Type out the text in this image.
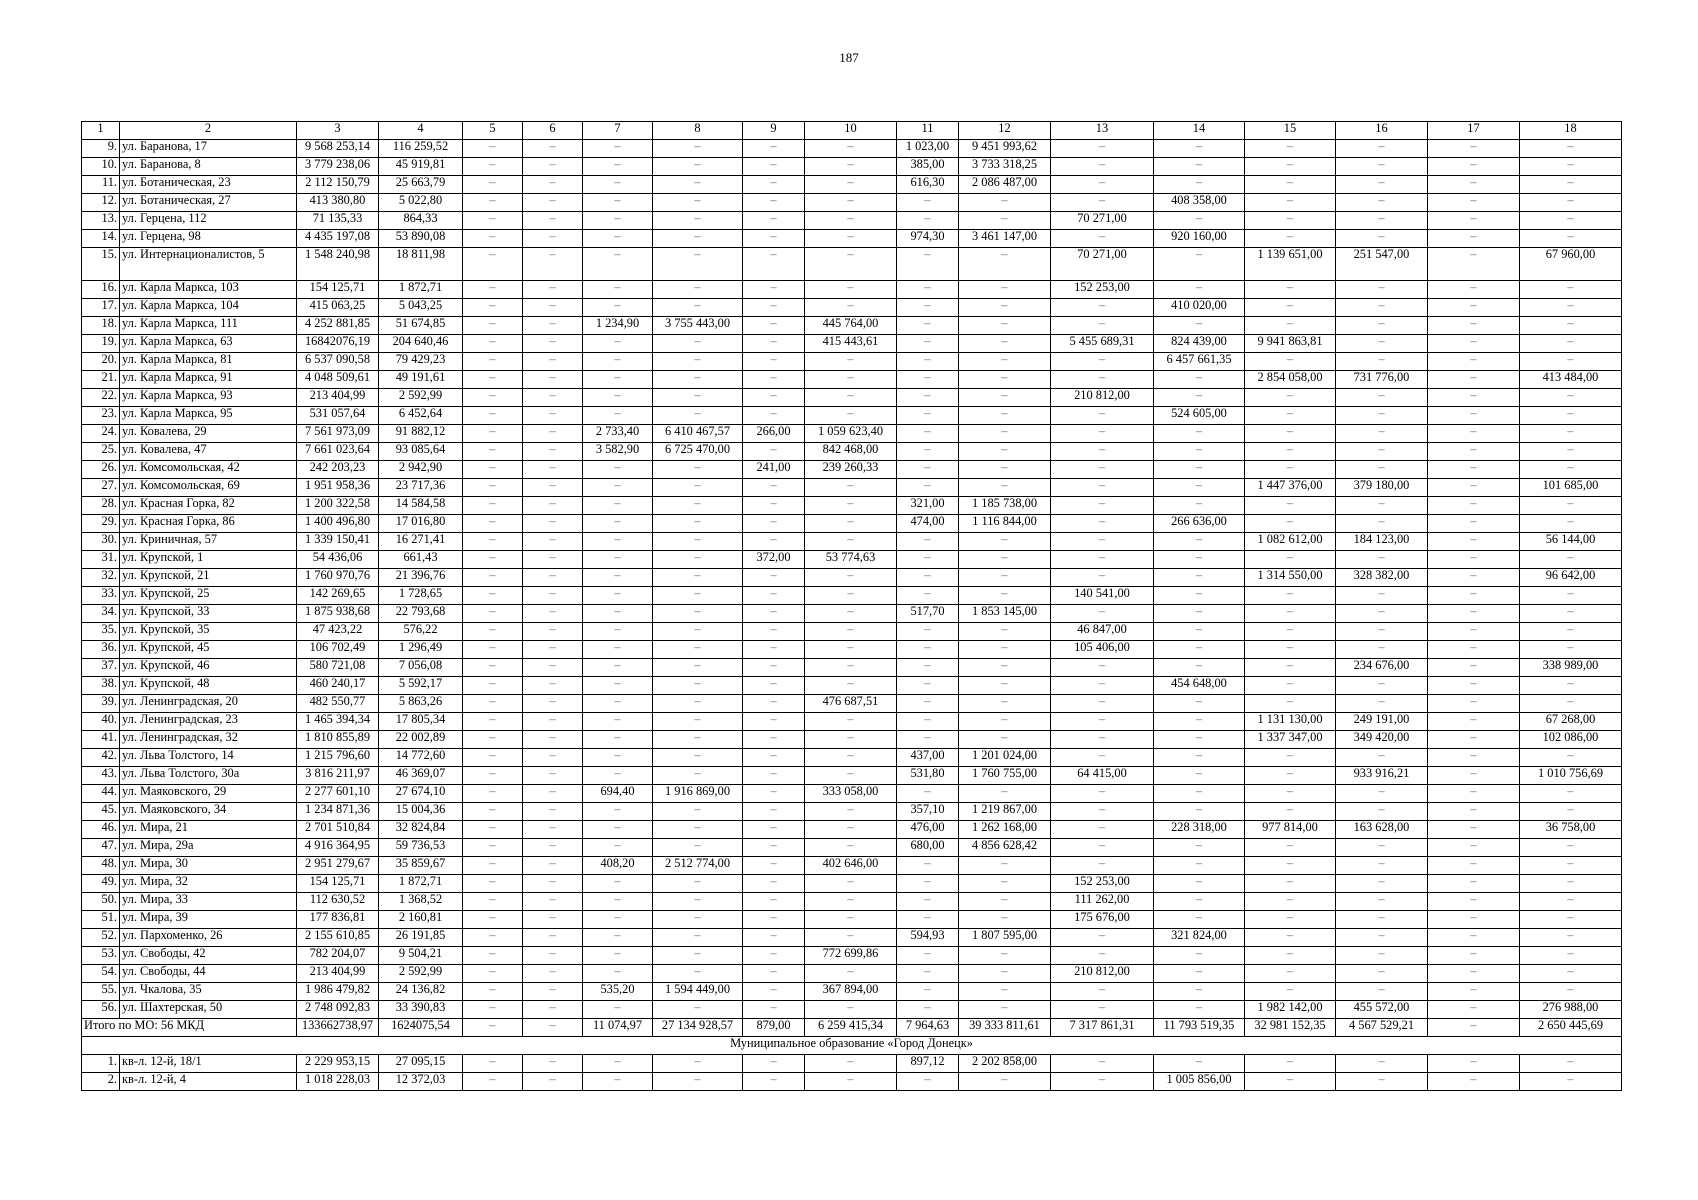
187
1	2	3	4	5	6	7	8	9	10	11	12	13	14	15	16	17	18
9.	ул. Баранова, 17	9 568 253,14	116 259,52	–	–	–	–	–	–	1 023,00	9 451 993,62	–	–	–	–	–	–
10.	ул. Баранова, 8	3 779 238,06	45 919,81	–	–	–	–	–	–	385,00	3 733 318,25	–	–	–	–	–	–
11.	ул. Ботаническая, 23	2 112 150,79	25 663,79	–	–	–	–	–	–	616,30	2 086 487,00	–	–	–	–	–	–
12.	ул. Ботаническая, 27	413 380,80	5 022,80	–	–	–	–	–	–	–	–	–	408 358,00	–	–	–	–
13.	ул. Герцена, 112	71 135,33	864,33	–	–	–	–	–	–	–	–	70 271,00	–	–	–	–	–
14.	ул. Герцена, 98	4 435 197,08	53 890,08	–	–	–	–	–	–	974,30	3 461 147,00	–	920 160,00	–	–	–	–
15.	ул. Интернационалистов, 5	1 548 240,98	18 811,98	–	–	–	–	–	–	–	–	70 271,00	–	1 139 651,00	251 547,00	–	67 960,00
16.	ул. Карла Маркса, 103	154 125,71	1 872,71	–	–	–	–	–	–	–	–	152 253,00	–	–	–	–	–
17.	ул. Карла Маркса, 104	415 063,25	5 043,25	–	–	–	–	–	–	–	–	–	410 020,00	–	–	–	–
18.	ул. Карла Маркса, 111	4 252 881,85	51 674,85	–	–	1 234,90	3 755 443,00	–	445 764,00	–	–	–	–	–	–	–	–
19.	ул. Карла Маркса, 63	16842076,19	204 640,46	–	–	–	–	–	415 443,61	–	–	5 455 689,31	824 439,00	9 941 863,81	–	–	–
20.	ул. Карла Маркса, 81	6 537 090,58	79 429,23	–	–	–	–	–	–	–	–	–	6 457 661,35	–	–	–	–
21.	ул. Карла Маркса, 91	4 048 509,61	49 191,61	–	–	–	–	–	–	–	–	–	–	2 854 058,00	731 776,00	–	413 484,00
22.	ул. Карла Маркса, 93	213 404,99	2 592,99	–	–	–	–	–	–	–	–	210 812,00	–	–	–	–	–
23.	ул. Карла Маркса, 95	531 057,64	6 452,64	–	–	–	–	–	–	–	–	–	524 605,00	–	–	–	–
24.	ул. Ковалева, 29	7 561 973,09	91 882,12	–	–	2 733,40	6 410 467,57	266,00	1 059 623,40	–	–	–	–	–	–	–	–
25.	ул. Ковалева, 47	7 661 023,64	93 085,64	–	–	3 582,90	6 725 470,00	–	842 468,00	–	–	–	–	–	–	–	–
26.	ул. Комсомольская, 42	242 203,23	2 942,90	–	–	–	–	241,00	239 260,33	–	–	–	–	–	–	–	–
27.	ул. Комсомольская, 69	1 951 958,36	23 717,36	–	–	–	–	–	–	–	–	–	–	1 447 376,00	379 180,00	–	101 685,00
28.	ул. Красная Горка, 82	1 200 322,58	14 584,58	–	–	–	–	–	–	321,00	1 185 738,00	–	–	–	–	–	–
29.	ул. Красная Горка, 86	1 400 496,80	17 016,80	–	–	–	–	–	–	474,00	1 116 844,00	–	266 636,00	–	–	–	–
30.	ул. Криничная, 57	1 339 150,41	16 271,41	–	–	–	–	–	–	–	–	–	–	1 082 612,00	184 123,00	–	56 144,00
31.	ул. Крупской, 1	54 436,06	661,43	–	–	–	–	372,00	53 774,63	–	–	–	–	–	–	–	–
32.	ул. Крупской, 21	1 760 970,76	21 396,76	–	–	–	–	–	–	–	–	–	–	1 314 550,00	328 382,00	–	96 642,00
33.	ул. Крупской, 25	142 269,65	1 728,65	–	–	–	–	–	–	–	–	140 541,00	–	–	–	–	–
34.	ул. Крупской, 33	1 875 938,68	22 793,68	–	–	–	–	–	–	517,70	1 853 145,00	–	–	–	–	–	–
35.	ул. Крупской, 35	47 423,22	576,22	–	–	–	–	–	–	–	–	46 847,00	–	–	–	–	–
36.	ул. Крупской, 45	106 702,49	1 296,49	–	–	–	–	–	–	–	–	105 406,00	–	–	–	–	–
37.	ул. Крупской, 46	580 721,08	7 056,08	–	–	–	–	–	–	–	–	–	–	–	234 676,00	–	338 989,00
38.	ул. Крупской, 48	460 240,17	5 592,17	–	–	–	–	–	–	–	–	–	454 648,00	–	–	–	–
39.	ул. Ленинградская, 20	482 550,77	5 863,26	–	–	–	–	–	476 687,51	–	–	–	–	–	–	–	–
40.	ул. Ленинградская, 23	1 465 394,34	17 805,34	–	–	–	–	–	–	–	–	–	–	1 131 130,00	249 191,00	–	67 268,00
41.	ул. Ленинградская, 32	1 810 855,89	22 002,89	–	–	–	–	–	–	–	–	–	–	1 337 347,00	349 420,00	–	102 086,00
42.	ул. Льва Толстого, 14	1 215 796,60	14 772,60	–	–	–	–	–	–	437,00	1 201 024,00	–	–	–	–	–	–
43.	ул. Льва Толстого, 30а	3 816 211,97	46 369,07	–	–	–	–	–	–	531,80	1 760 755,00	64 415,00	–	–	933 916,21	–	1 010 756,69
44.	ул. Маяковского, 29	2 277 601,10	27 674,10	–	–	694,40	1 916 869,00	–	333 058,00	–	–	–	–	–	–	–	–
45.	ул. Маяковского, 34	1 234 871,36	15 004,36	–	–	–	–	–	–	357,10	1 219 867,00	–	–	–	–	–	–
46.	ул. Мира, 21	2 701 510,84	32 824,84	–	–	–	–	–	–	476,00	1 262 168,00	–	228 318,00	977 814,00	163 628,00	–	36 758,00
47.	ул. Мира, 29а	4 916 364,95	59 736,53	–	–	–	–	–	–	680,00	4 856 628,42	–	–	–	–	–	–
48.	ул. Мира, 30	2 951 279,67	35 859,67	–	–	408,20	2 512 774,00	–	402 646,00	–	–	–	–	–	–	–	–
49.	ул. Мира, 32	154 125,71	1 872,71	–	–	–	–	–	–	–	–	152 253,00	–	–	–	–	–
50.	ул. Мира, 33	112 630,52	1 368,52	–	–	–	–	–	–	–	–	111 262,00	–	–	–	–	–
51.	ул. Мира, 39	177 836,81	2 160,81	–	–	–	–	–	–	–	–	175 676,00	–	–	–	–	–
52.	ул. Пархоменко, 26	2 155 610,85	26 191,85	–	–	–	–	–	–	594,93	1 807 595,00	–	321 824,00	–	–	–	–
53.	ул. Свободы, 42	782 204,07	9 504,21	–	–	–	–	–	772 699,86	–	–	–	–	–	–	–	–
54.	ул. Свободы, 44	213 404,99	2 592,99	–	–	–	–	–	–	–	–	210 812,00	–	–	–	–	–
55.	ул. Чкалова, 35	1 986 479,82	24 136,82	–	–	535,20	1 594 449,00	–	367 894,00	–	–	–	–	–	–	–	–
56.	ул. Шахтерская, 50	2 748 092,83	33 390,83	–	–	–	–	–	–	–	–	–	–	1 982 142,00	455 572,00	–	276 988,00
Итого по МО: 56 МКД		133662738,97	1624075,54	–	–	11 074,97	27 134 928,57	879,00	6 259 415,34	7 964,63	39 333 811,61	7 317 861,31	11 793 519,35	32 981 152,35	4 567 529,21	–	2 650 445,69
Муниципальное образование «Город Донецк»																	
1.	кв-л. 12-й, 18/1	2 229 953,15	27 095,15	–	–	–	–	–	–	897,12	2 202 858,00	–	–	–	–	–	–
2.	кв-л. 12-й, 4	1 018 228,03	12 372,03	–	–	–	–	–	–	–	–	–	1 005 856,00	–	–	–	–
